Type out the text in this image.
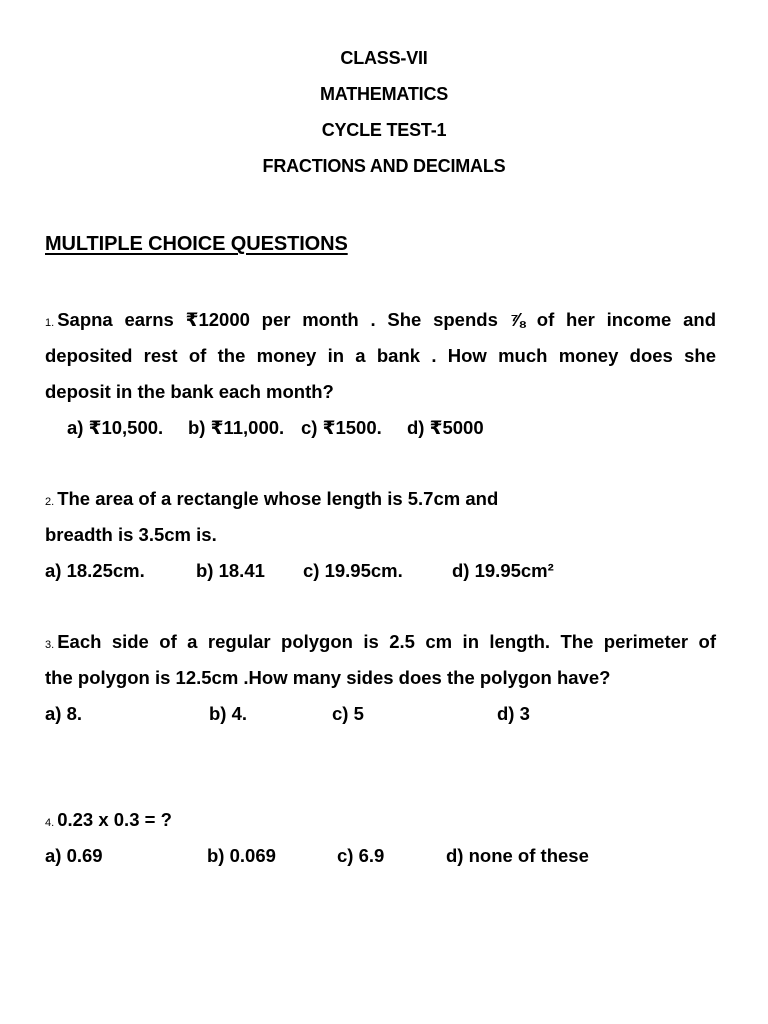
CLASS-VII
MATHEMATICS
CYCLE TEST-1
FRACTIONS AND DECIMALS
MULTIPLE CHOICE QUESTIONS
1. Sapna earns ₹12000 per month . She spends ⅞ of her income and
deposited rest of the money in a bank . How much money does she
deposit in the bank each month?
a) ₹10,500. b) ₹11,000. c) ₹1500. d) ₹5000
2. The area of a rectangle whose length is 5.7cm and
breadth is 3.5cm is.
a) 18.25cm.	b) 18.41 c) 19.95cm.	d) 19.95cm²
3. Each side of a regular polygon is 2.5 cm in length. The perimeter of
the polygon is 12.5cm .How many sides does the polygon have?
a) 8.	b) 4.	c) 5	d) 3
4. 0.23 x 0.3 = ?
a) 0.69	b) 0.069	c) 6.9	d) none of these
